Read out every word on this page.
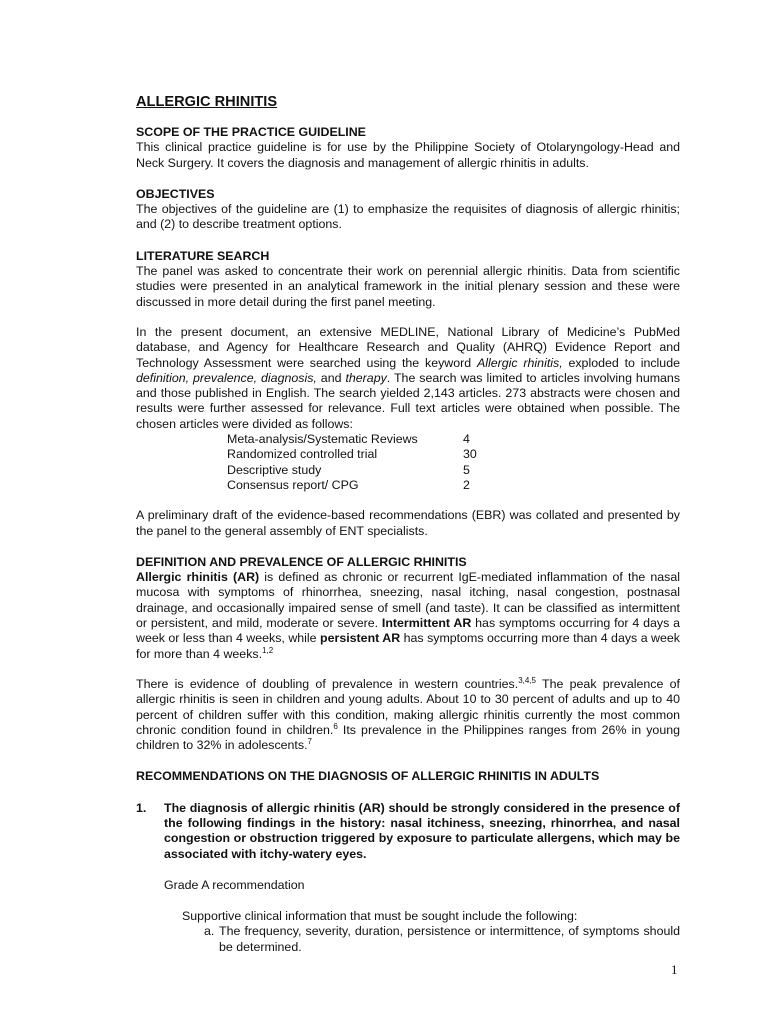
ALLERGIC RHINITIS
SCOPE OF THE PRACTICE GUIDELINE

This clinical practice guideline is for use by the Philippine Society of Otolaryngology-Head and Neck Surgery. It covers the diagnosis and management of allergic rhinitis in adults.

OBJECTIVES

The objectives of the guideline are (1) to emphasize the requisites of diagnosis of allergic rhinitis; and (2) to describe treatment options.

LITERATURE SEARCH

The panel was asked to concentrate their work on perennial allergic rhinitis. Data from scientific studies were presented in an analytical framework in the initial plenary session and these were discussed in more detail during the first panel meeting.

In the present document, an extensive MEDLINE, National Library of Medicine’s PubMed database, and Agency for Healthcare Research and Quality (AHRQ) Evidence Report and Technology Assessment were searched using the keyword Allergic rhinitis, exploded to include definition, prevalence, diagnosis, and therapy. The search was limited to articles involving humans and those published in English. The search yielded 2,143 articles. 273 abstracts were chosen and results were further assessed for relevance. Full text articles were obtained when possible. The chosen articles were divided as follows:

Meta-analysis/Systematic Reviews	4
Randomized controlled trial	30
Descriptive study	5
Consensus report/ CPG	2

A preliminary draft of the evidence-based recommendations (EBR) was collated and presented by the panel to the general assembly of ENT specialists.

DEFINITION AND PREVALENCE OF ALLERGIC RHINITIS

Allergic rhinitis (AR) is defined as chronic or recurrent IgE-mediated inflammation of the nasal mucosa with symptoms of rhinorrhea, sneezing, nasal itching, nasal congestion, postnasal drainage, and occasionally impaired sense of smell (and taste). It can be classified as intermittent or persistent, and mild, moderate or severe. Intermittent AR has symptoms occurring for 4 days a week or less than 4 weeks, while persistent AR has symptoms occurring more than 4 days a week for more than 4 weeks.$^{1,2}$

There is evidence of doubling of prevalence in western countries.$^{3,4,5}$ The peak prevalence of allergic rhinitis is seen in children and young adults. About 10 to 30 percent of adults and up to 40 percent of children suffer with this condition, making allergic rhinitis currently the most common chronic condition found in children.$^6$ Its prevalence in the Philippines ranges from 26% in young children to 32% in adolescents.$^7$

RECOMMENDATIONS ON THE DIAGNOSIS OF ALLERGIC RHINITIS IN ADULTS
1.	The diagnosis of allergic rhinitis (AR) should be strongly considered in the presence of the following findings in the history: nasal itchiness, sneezing, rhinorrhea, and nasal congestion or obstruction triggered by exposure to particulate allergens, which may be associated with itchy-watery eyes.
Grade A recommendation
Supportive clinical information that must be sought include the following:
a. The frequency, severity, duration, persistence or intermittence, of symptoms should be determined.
1
